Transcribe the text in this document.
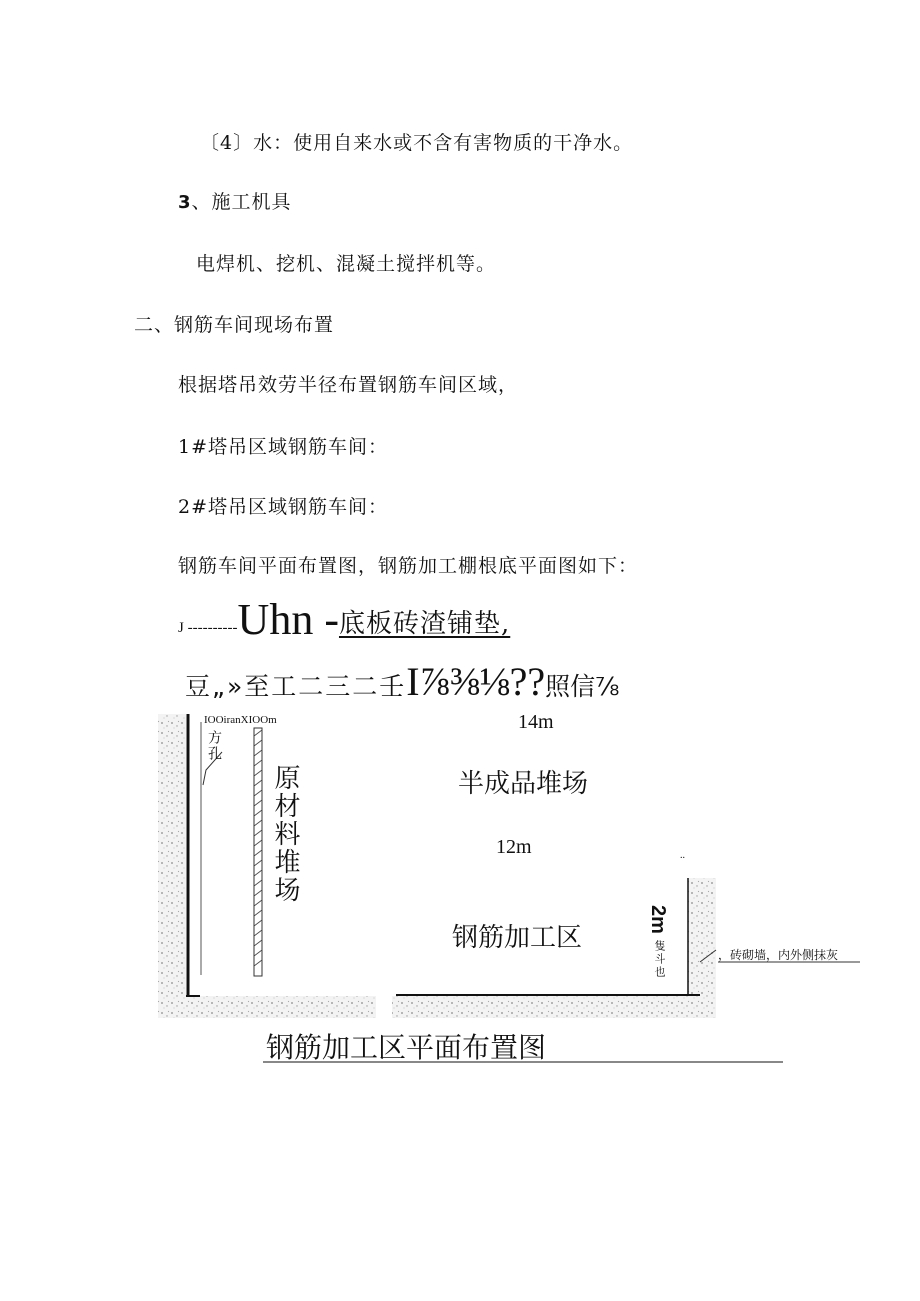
〔4〕水：使用自来水或不含有害物质的干净水。
3、施工机具
电焊机、挖机、混凝土搅拌机等。
二、钢筋车间现场布置
根据塔吊效劳半径布置钢筋车间区域，
1#塔吊区域钢筋车间：
2#塔吊区域钢筋车间：
钢筋车间平面布置图，钢筋加工棚根底平面图如下：
J ----------Uhn -底板砖渣铺垫,
豆„»至工二三二壬I⅞⅜⅛??照信⅞
IOOiranXIOOm
方孔
14m
原材料堆场	半成品堆场
12m	..
钢筋加工区
2m
隻斗也	，砖砌墙，内外侧抹灰
钢筋加工区平面布置图
